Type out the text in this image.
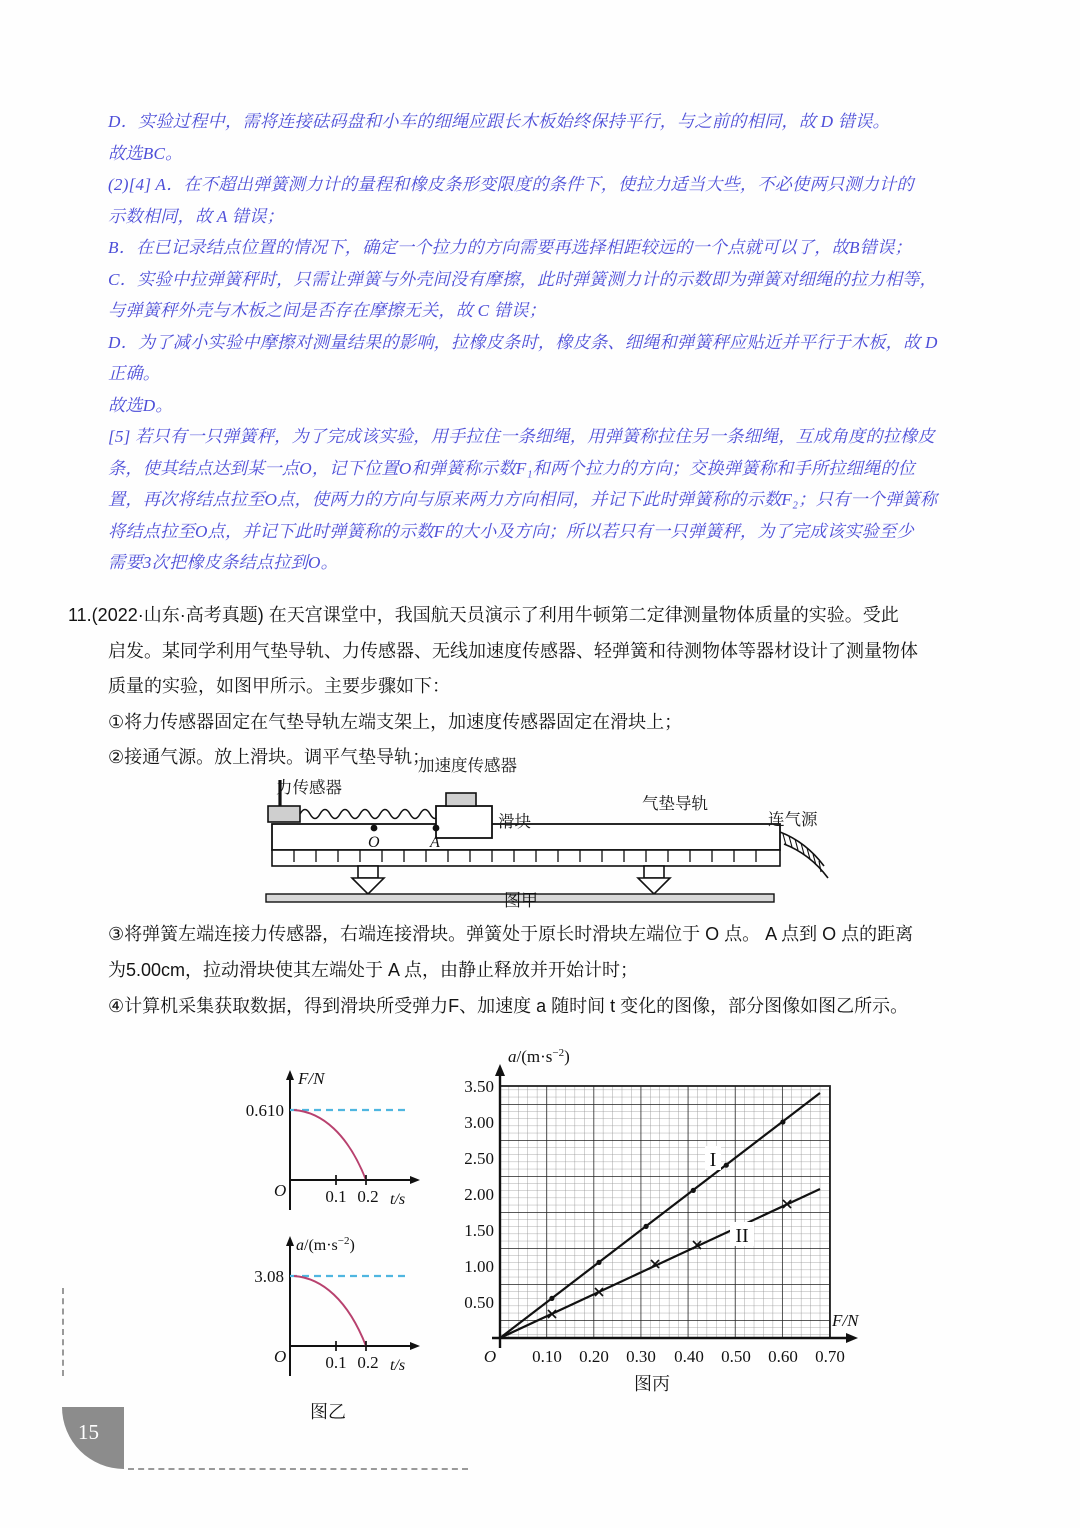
D．实验过程中，需将连接砝码盘和小车的细绳应跟长木板始终保持平行，与之前的相同，故 D 错误。
故选BC。
(2)[4] A．在不超出弹簧测力计的量程和橡皮条形变限度的条件下，使拉力适当大些，不必使两只测力计的
示数相同，故 A 错误；
B．在已记录结点位置的情况下，确定一个拉力的方向需要再选择相距较远的一个点就可以了，故B错误；
C．实验中拉弹簧秤时，只需让弹簧与外壳间没有摩擦，此时弹簧测力计的示数即为弹簧对细绳的拉力相等，
与弹簧秤外壳与木板之间是否存在摩擦无关，故 C 错误；
D．为了减小实验中摩擦对测量结果的影响，拉橡皮条时，橡皮条、细绳和弹簧秤应贴近并平行于木板，故 D
正确。
故选D。
[5] 若只有一只弹簧秤，为了完成该实验，用手拉住一条细绳，用弹簧称拉住另一条细绳，互成角度的拉橡皮
条，使其结点达到某一点O，记下位置O和弹簧称示数F₁和两个拉力的方向；交换弹簧称和手所拉细绳的位
置，再次将结点拉至O点，使两力的方向与原来两力方向相同，并记下此时弹簧称的示数F₂；只有一个弹簧称
将结点拉至O点，并记下此时弹簧称的示数F的大小及方向；所以若只有一只弹簧秤，为了完成该实验至少
需要3次把橡皮条结点拉到O。
11.(2022·山东·高考真题) 在天宫课堂中，我国航天员演示了利用牛顿第二定律测量物体质量的实验。受此
启发。某同学利用气垫导轨、力传感器、无线加速度传感器、轻弹簧和待测物体等器材设计了测量物体
质量的实验，如图甲所示。主要步骤如下：
①将力传感器固定在气垫导轨左端支架上，加速度传感器固定在滑块上；
②接通气源。放上滑块。调平气垫导轨；
力传感器
加速度传感器
滑块
气垫导轨
连气源
O	A
图甲
③将弹簧左端连接力传感器，右端连接滑块。弹簧处于原长时滑块左端位于 O 点。 A 点到 O 点的距离
为5.00cm，拉动滑块使其左端处于 A 点，由静止释放并开始计时；
④计算机采集获取数据，得到滑块所受弹力F、加速度 a 随时间 t 变化的图像，部分图像如图乙所示。
0.610
O 0.1 0.2 t/s
F/N
3.08
O 0.1 0.2 t/s
$a/(m\cdot s^{-2})$
图乙
I
II
3.50
3.00
2.50
2.00
1.50
1.00
0.50
O 0.10 0.20 0.30 0.40 0.50 0.60 0.70
$a/(m\cdot s^{-2})$
F/N
图丙
15
